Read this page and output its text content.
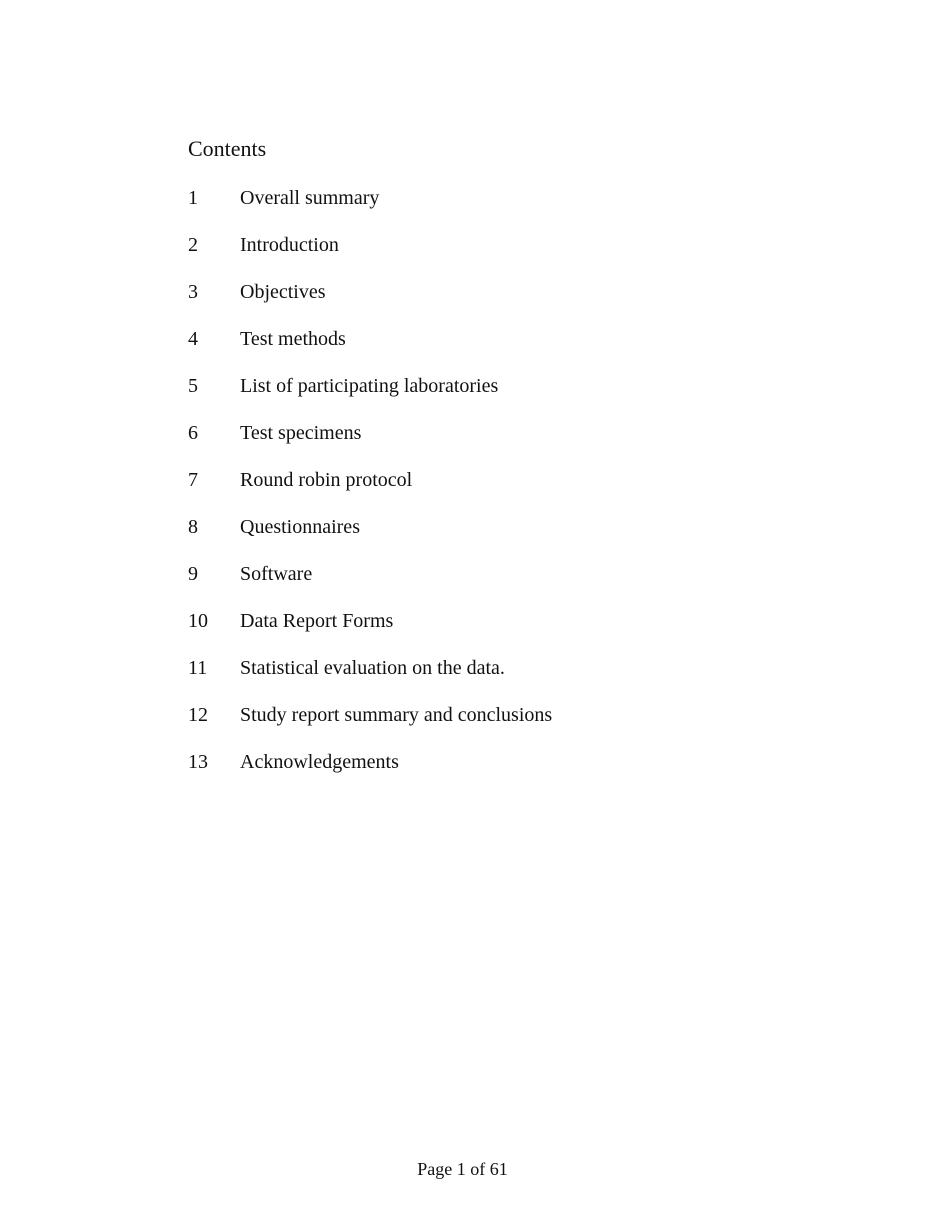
Contents
1	Overall summary
2	Introduction
3	Objectives
4	Test methods
5	List of participating laboratories
6	Test specimens
7	Round robin protocol
8	Questionnaires
9	Software
10	Data Report Forms
11	Statistical evaluation on the data.
12	Study report summary and conclusions
13	Acknowledgements
Page 1 of 61
